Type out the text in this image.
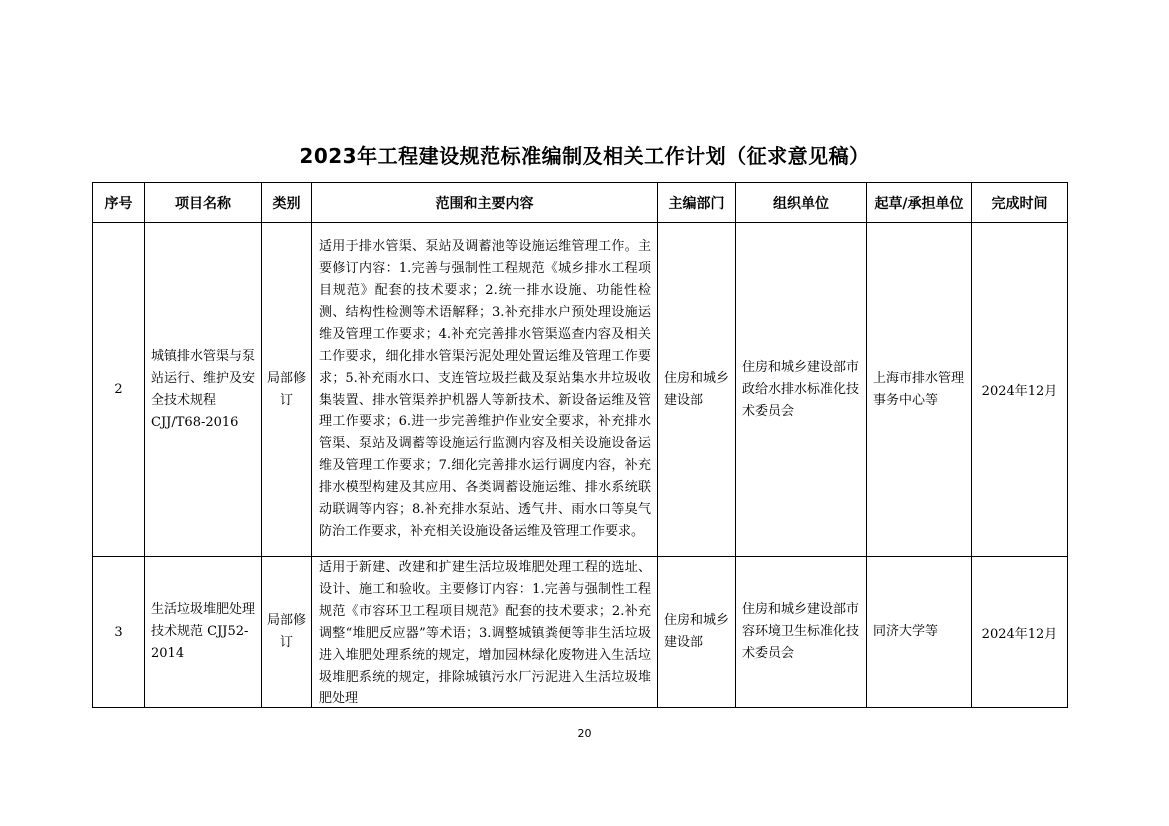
2023年工程建设规范标准编制及相关工作计划（征求意见稿）
序号	项目名称	类别	范围和主要内容	主编部门	组织单位	起草/承担单位	完成时间
2	城镇排水管渠与泵站运行、维护及安全技术规程 CJJ/T68-2016	局部修订	适用于排水管渠、泵站及调蓄池等设施运维管理工作。主要修订内容：1.完善与强制性工程规范《城乡排水工程项目规范》配套的技术要求；2.统一排水设施、功能性检测、结构性检测等术语解释；3.补充排水户预处理设施运维及管理工作要求；4.补充完善排水管渠巡查内容及相关工作要求，细化排水管渠污泥处理处置运维及管理工作要求；5.补充雨水口、支连管垃圾拦截及泵站集水井垃圾收集装置、排水管渠养护机器人等新技术、新设备运维及管理工作要求；6.进一步完善维护作业安全要求，补充排水管渠、泵站及调蓄等设施运行监测内容及相关设施设备运维及管理工作要求；7.细化完善排水运行调度内容，补充排水模型构建及其应用、各类调蓄设施运维、排水系统联动联调等内容；8.补充排水泵站、透气井、雨水口等臭气防治工作要求，补充相关设施设备运维及管理工作要求。	住房和城乡建设部	住房和城乡建设部市政给水排水标准化技术委员会	上海市排水管理事务中心等	2024年12月
3	生活垃圾堆肥处理技术规范 CJJ52-2014	局部修订	适用于新建、改建和扩建生活垃圾堆肥处理工程的选址、设计、施工和验收。主要修订内容：1.完善与强制性工程规范《市容环卫工程项目规范》配套的技术要求；2.补充调整“堆肥反应器”等术语；3.调整城镇粪便等非生活垃圾进入堆肥处理系统的规定，增加园林绿化废物进入生活垃圾堆肥系统的规定，排除城镇污水厂污泥进入生活垃圾堆肥处理	住房和城乡建设部	住房和城乡建设部市容环境卫生标准化技术委员会	同济大学等	2024年12月
20
